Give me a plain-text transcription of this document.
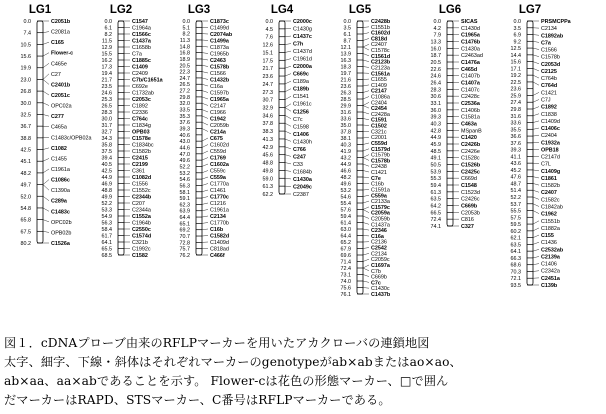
LG1
0.0
7.4
10.5
15.6
19.9
23.0
26.8
30.0
32.5
36.7
38.8
42.5
45.1
48.2
49.7
52.0
54.8
65.8
67.5
80.2
C2051b
C2081a
C165
Flower-c
C465e
C27
C2401b
C2051c
OPC02a
C277
C465a
C1483c/OPB02a
C1082
C1455
C1961a
C1086c
C1390a
C289a
C1483c
OPC02b
OPB02b
C1526a
LG2
0.0
6.1
8.2
11.5
12.9
15.5
16.2
17.3
19.4
21.7
23.5
24.6
25.3
26.5
28.3
30.0
31.7
32.7
34.3
35.8
37.5
39.4
40.5
42.5
44.9
46.9
48.8
49.9
52.2
53.3
54.9
56.3
58.4
61.7
64.1
65.5
68.5
C1547
C1964a
C1566c
C1437a
C1658b
C7a
C1885c
C1409
C2409
C7b/C1651a
C692e
C1732ab
C2053c
C1892
C2336
C764c
C1834g
OPB03
C1578e
C1834bc
C1582b
C2415
C2199
C361
C1082d
C1556
C1552c
C2344b
C207
C2344a
C1552a
C1964b
C2550c
C1574d
C321b
C1992c
C1582
LG3
0.0
5.1
8.2
11.3
14.8
16.8
18.9
20.5
22.3
24.7
26.5
27.2
29.8
32.0
33.5
35.3
37.6
39.3
40.6
43.0
44.6
47.0
49.6
52.2
53.2
54.6
56.3
58.1
59.1
62.3
63.9
64.4
65.1
69.2
70.7
72.8
75.7
76.2
C1873c
C1499d
C2074ab
C1499a
C1873a
C1965b
C2463
C1578b
C1566
C1432b
C16a
C1597b
C1965a
C2147
C1966
C1942
C2059b
C214a
C675
C1602d
C559d
C1769
C1602a
C559c
C559a
C1770a
C1461
C1770c
C1216
C1961a
C2134
C1770b
C16b
C1582d
C1409d
C818ad
C466f
LG4
0.0
4.5
7.6
12.6
15.1
17.5
21.7
23.6
24.7
27.3
30.7
32.9
34.6
37.8
38.3
41.3
42.9
45.6
48.8
49.8
59.0
61.3
62.2
C2000c
C1430g
C1437c
C7h
C1437d
C1961d
C2000a
C669c
C189a
C189b
C1541
C1961c
C1256
C7c
C1598
C1406
C1430h
C766
C247
C33
C1684b
C1430a
C2049c
C2387
LG5
0.0
3.5
6.1
8.7
12.1
13.9
16.3
18.3
19.7
21.6
23.6
26.3
28.5
29.9
31.6
33.6
35.0
37.8
38.1
40.3
41.9
43.2
44.9
46.6
48.2
49.6
53.2
54.6
55.4
57.6
59.4
61.4
63.0
64.4
65.2
67.9
69.6
71.4
72.4
73.1
74.0
75.6
76.1
C2428b
C1551b
C1602d
C818d
C2407
C1578c
C1561d
C2123b
C2123a
C1561a
C1655
C1409
C2147
C1086a
C2404
C2454
C2428a
C1591
C1502
C321c
C2001
C559d
C1579d
C1579b
C1578b
C2438
C1421
C7e
C16b
C1591a
C559a
C2133a
C1579c
C2059a
C2059b
C1437a
C2346
C16a
C2136
C2542
C2134
C2059c
C1697a
C7b
C669b
C7c
C1430c
C1437b
LG6
0.0
4.2
7.9
13.3
16.0
18.7
20.5
22.6
24.6
26.4
28.3
30.6
33.1
36.0
39.3
40.3
42.8
44.9
45.9
48.5
49.1
50.5
53.9
55.3
59.4
61.3
63.5
64.2
66.5
72.4
74.1
SICAS
C1430d
C1965a
C1476b
C1430a
C2463ad
C1476a
C465d
C1407b
C1407a
C1407c
C2428c
C2536a
C1406b
C1581a
C463a
MSpanB
C1420
C2426b
C2426e
C1528c
C1526b
C2425c
C669d
C1548
C1523d
C2426c
C669b
C2053b
C816
C327
LG7
0.0
3.5
6.9
9.2
12.5
14.4
15.6
17.1
19.2
22.5
23.6
25.9
27.4
29.8
31.6
33.6
35.5
36.6
37.6
39.3
41.1
43.6
45.2
47.6
48.7
51.4
52.2
53.7
55.5
57.5
59.5
60.2
62.1
63.5
64.1
66.3
68.6
70.3
72.1
93.5
PRSMCPPa
C2134
C1892ab
C7a
C1566
C1578b
C2053d
C2125
C764b
C764d
C1421
C7J
C1892
C1838
C1409d
C1406c
C2404
C1932a
OPB18
C2147d
C7L
C1409g
C1861
C1582b
C2407
C1582c
C1842ab
C1962
C1551b
C1882a
C155
C1436
C2532ab
C2139a
C1406
C2342a
C2451a
C139b
図１．cDNAプローブ由来のRFLPマーカーを用いたアカクローバの連鎖地図
太字、細字、下線・斜体はそれぞれマーカーのgenotypeがab×abまたはao×ao、
ab×aa、aa×abであることを示す。 Flower-cは花色の形態マーカー、□で囲ん
だマーカーはRAPD、STSマーカー、C番号はRFLPマーカーである。
